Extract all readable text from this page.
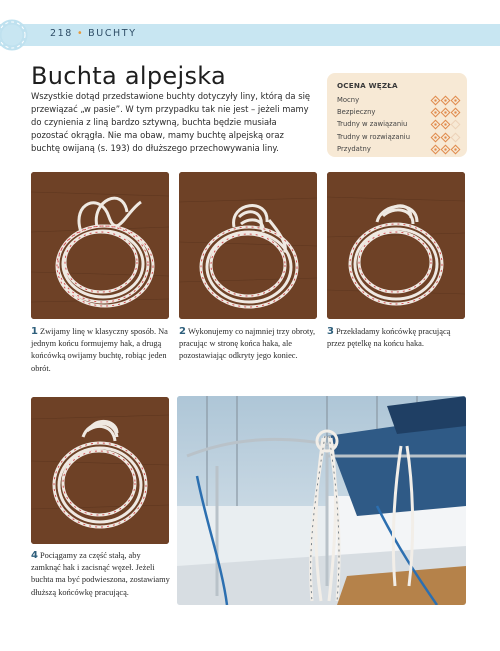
218 • BUCHTY
Buchta alpejska
Wszystkie dotąd przedstawione buchty dotyczyły liny, którą da się przewiązać „w pasie”. W tym przypadku tak nie jest – jeżeli mamy do czynienia z liną bardzo sztywną, buchta będzie musiała pozostać okrągła. Nie ma obaw, mamy buchtę alpejską oraz buchtę owijaną (s. 193) do dłuższego przechowywania liny.
OCENA WĘZŁA
Mocny
Bezpieczny
Trudny w zawiązaniu
Trudny w rozwiązaniu
Przydatny
1 Zwijamy linę w klasyczny sposób. Na jednym końcu formujemy hak, a drugą końcówką owijamy buchtę, robiąc jeden obrót.
2 Wykonujemy co najmniej trzy obroty, pracując w stronę końca haka, ale pozostawiając odkryty jego koniec.
3 Przekładamy końcówkę pracującą przez pętelkę na końcu haka.
4 Pociągamy za część stałą, aby zamknąć hak i zacisnąć węzeł. Jeżeli buchta ma być podwieszona, zostawiamy dłuższą końcówkę pracującą.
